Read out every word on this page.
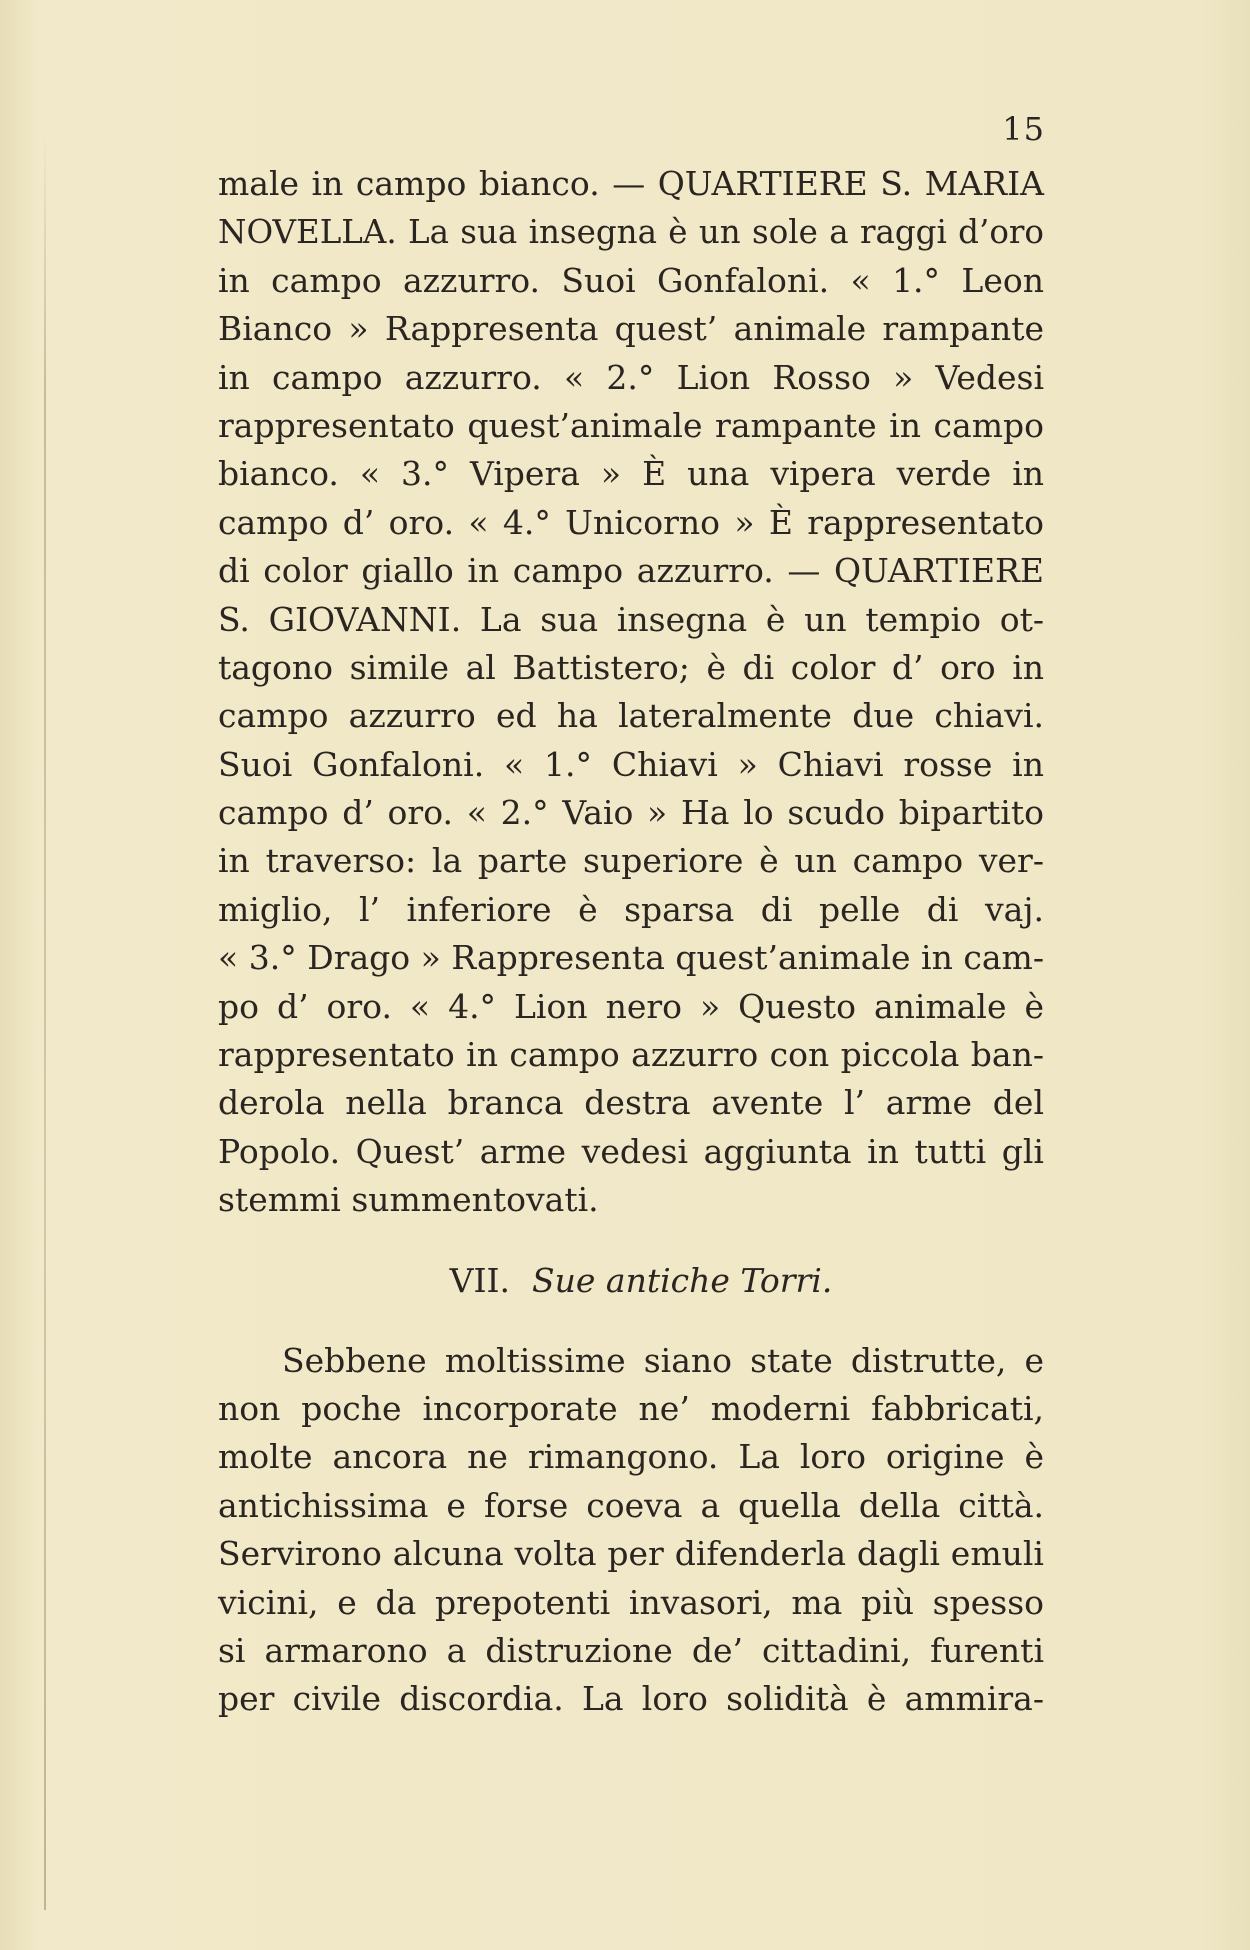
15
male in campo bianco. — QUARTIERE S. MARIA
NOVELLA. La sua insegna è un sole a raggi d’oro
in campo azzurro. Suoi Gonfaloni. « 1.° Leon
Bianco » Rappresenta quest’ animale rampante
in campo azzurro. « 2.° Lion Rosso » Vedesi
rappresentato quest’animale rampante in campo
bianco. « 3.° Vipera » È una vipera verde in
campo d’ oro. « 4.° Unicorno » È rappresentato
di color giallo in campo azzurro. — QUARTIERE
S. GIOVANNI. La sua insegna è un tempio ot-
tagono simile al Battistero; è di color d’ oro in
campo azzurro ed ha lateralmente due chiavi.
Suoi Gonfaloni. « 1.° Chiavi » Chiavi rosse in
campo d’ oro. « 2.° Vaio » Ha lo scudo bipartito
in traverso: la parte superiore è un campo ver-
miglio, l’ inferiore è sparsa di pelle di vaj.
« 3.° Drago » Rappresenta quest’animale in cam-
po d’ oro. « 4.° Lion nero » Questo animale è
rappresentato in campo azzurro con piccola ban-
derola nella branca destra avente l’ arme del
Popolo. Quest’ arme vedesi aggiunta in tutti gli
stemmi summentovati.
VII. Sue antiche Torri.
Sebbene moltissime siano state distrutte, e
non poche incorporate ne’ moderni fabbricati,
molte ancora ne rimangono. La loro origine è
antichissima e forse coeva a quella della città.
Servirono alcuna volta per difenderla dagli emuli
vicini, e da prepotenti invasori, ma più spesso
si armarono a distruzione de’ cittadini, furenti
per civile discordia. La loro solidità è ammira-
